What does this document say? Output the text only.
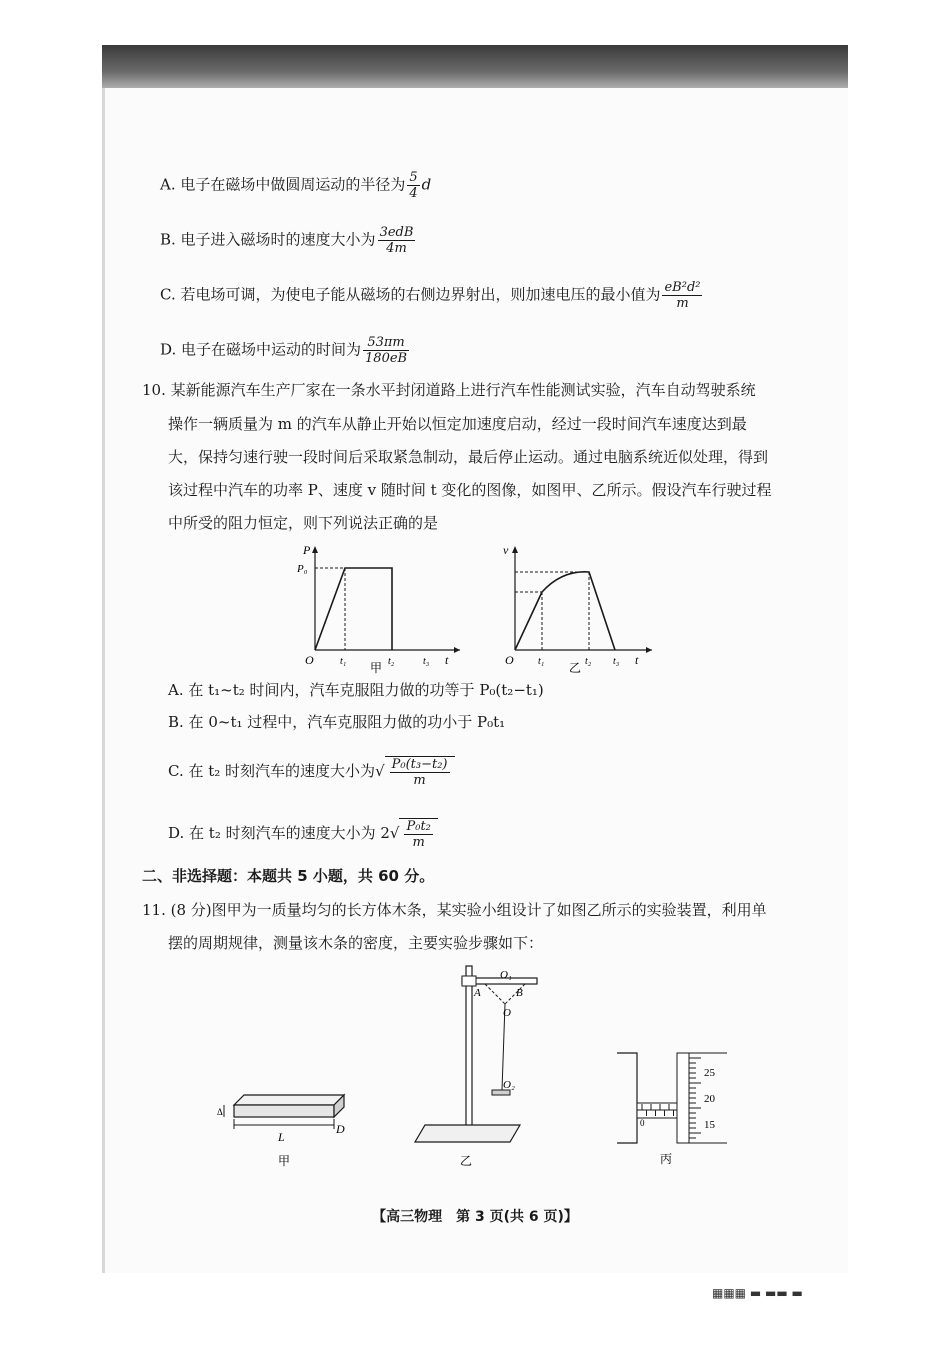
A. 电子在磁场中做圆周运动的半径为 $\frac{5}{4}$ d
B. 电子进入磁场时的速度大小为 $\frac{\text{3edB}}{4m}$
C. 若电场可调，为使电子能从磁场的右侧边界射出，则加速电压的最小值为 $\frac{\text{eB²d²}}{m}$
D. 电子在磁场中运动的时间为 $\frac{53\pi m}{180eB}$
10. 某新能源汽车生产厂家在一条水平封闭道路上进行汽车性能测试实验，汽车自动驾驶系统
操作一辆质量为 m 的汽车从静止开始以恒定加速度启动，经过一段时间汽车速度达到最
大，保持匀速行驶一段时间后采取紧急制动，最后停止运动。通过电脑系统近似处理，得到
该过程中汽车的功率 P、速度 v 随时间 t 变化的图像，如图甲、乙所示。假设汽车行驶过程
中所受的阻力恒定，则下列说法正确的是
P
P₀
O	t₁	t₂	t₃ t
甲
v
O t₁	t₂ t₃ t
乙
A. 在 t₁~t₂ 时间内，汽车克服阻力做的功等于 P₀(t₂−t₁)
B. 在 0~t₁ 过程中，汽车克服阻力做的功小于 P₀t₁
C. 在 t₂ 时刻汽车的速度大小为√ $\frac{\text{P₀(t₃−t₂)}}{m}$
D. 在 t₂ 时刻汽车的速度大小为 $2√ \frac{\text{P₀t₂}}{m}$
二、非选择题：本题共 5 小题，共 60 分。
11. (8 分)图甲为一质量均匀的长方体木条，某实验小组设计了如图乙所示的实验装置，利用单
摆的周期规律，测量该木条的密度，主要实验步骤如下：
Δ
L
D
甲
O₁
A	B
O
O₂
乙
25
20
15
0
丙
【高三物理　第 3 页(共 6 页)】
▦▦▦ ▬ ▬▬ ▬
